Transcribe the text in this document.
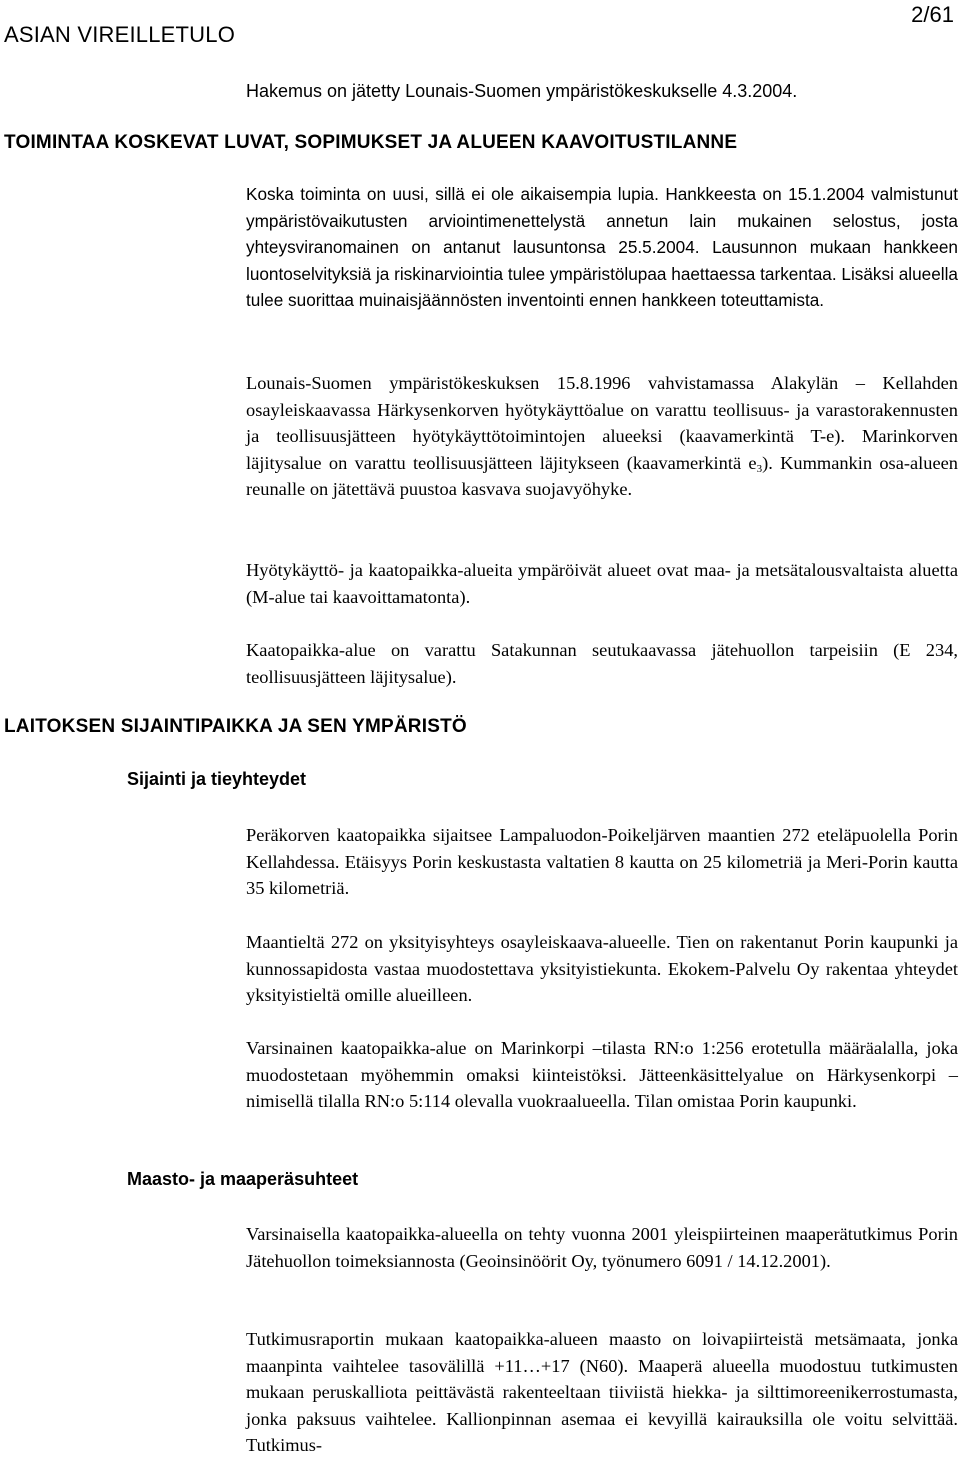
ASIAN VIREILLETULO
2/61
Hakemus on jätetty Lounais-Suomen ympäristökeskukselle 4.3.2004.
TOIMINTAA KOSKEVAT LUVAT, SOPIMUKSET JA ALUEEN KAAVOITUSTILANNE

Koska toiminta on uusi, sillä ei ole aikaisempia lupia. Hankkeesta on 15.1.2004 valmistunut ympäristövaikutusten arviointimenettelystä annetun lain mukainen selostus, josta yhteysviranomainen on antanut lausuntonsa 25.5.2004. Lausunnon mukaan hankkeen luontoselvityksiä ja riskinarviointia tulee ympäristölupaa haettaessa tarkentaa. Lisäksi alueella tulee suorittaa muinaisjäännösten inventointi ennen hankkeen toteuttamista.

Lounais-Suomen ympäristökeskuksen 15.8.1996 vahvistamassa Alakylän – Kellahden osayleiskaavassa Härkysenkorven hyötykäyttöalue on varattu teollisuus- ja varastorakennusten ja teollisuusjätteen hyötykäyttötoimintojen alueeksi (kaavamerkintä T-e). Marinkorven läjitysalue on varattu teollisuusjätteen läjitykseen (kaavamerkintä $e_3$). Kummankin osa-alueen reunalle on jätettävä puustoa kasvava suojavyöhyke.

Hyötykäyttö- ja kaatopaikka-alueita ympäröivät alueet ovat maa- ja metsätalousvaltaista aluetta (M-alue tai kaavoittamatonta).

Kaatopaikka-alue on varattu Satakunnan seutukaavassa jätehuollon tarpeisiin (E 234, teollisuusjätteen läjitysalue).

LAITOKSEN SIJAINTIPAIKKA JA SEN YMPÄRISTÖ
Sijainti ja tieyhteydet

Peräkorven kaatopaikka sijaitsee Lampaluodon-Poikeljärven maantien 272 eteläpuolella Porin Kellahdessa. Etäisyys Porin keskustasta valtatien 8 kautta on 25 kilometriä ja Meri-Porin kautta 35 kilometriä.

Maantieltä 272 on yksityisyhteys osayleiskaava-alueelle. Tien on rakentanut Porin kaupunki ja kunnossapidosta vastaa muodostettava yksityistiekunta. Ekokem-Palvelu Oy rakentaa yhteydet yksityistieltä omille alueilleen.

Varsinainen kaatopaikka-alue on Marinkorpi –tilasta RN:o 1:256 erotetulla määräalalla, joka muodostetaan myöhemmin omaksi kiinteistöksi. Jätteenkäsittelyalue on Härkysenkorpi –nimisellä tilalla RN:o 5:114 olevalla vuokraalueella. Tilan omistaa Porin kaupunki.

Maasto- ja maaperäsuhteet

Varsinaisella kaatopaikka-alueella on tehty vuonna 2001 yleispiirteinen maaperätutkimus Porin Jätehuollon toimeksiannosta (Geoinsinöörit Oy, työnumero 6091 / 14.12.2001).

Tutkimusraportin mukaan kaatopaikka-alueen maasto on loivapiirteistä metsämaata, jonka maanpinta vaihtelee tasovälillä +11…+17 (N60). Maaperä alueella muodostuu tutkimusten mukaan peruskalliota peittävästä rakenteeltaan tiiviistä hiekka- ja silttimoreenikerrostumasta, jonka paksuus vaihtelee. Kallionpinnan asemaa ei kevyillä kairauksilla ole voitu selvittää. Tutkimus-
